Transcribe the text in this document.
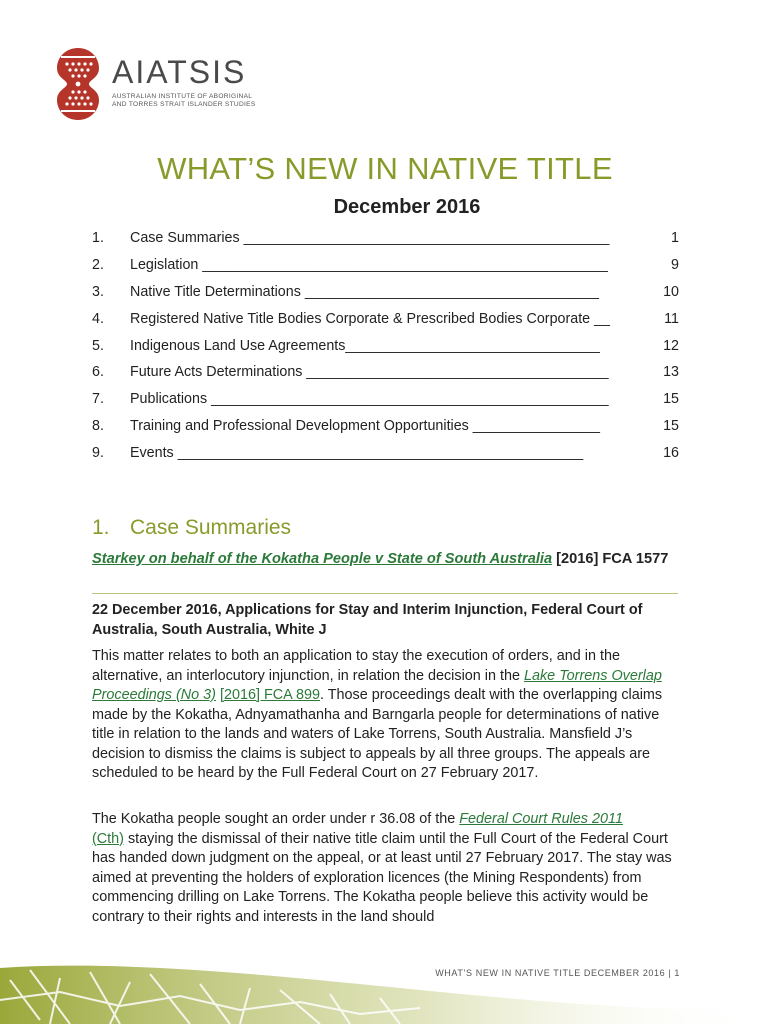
AIATSIS
AUSTRALIAN INSTITUTE OF ABORIGINAL
AND TORRES STRAIT ISLANDER STUDIES
WHAT’S NEW IN NATIVE TITLE
December 2016
1. Case Summaries ______________________________________________	1
2. Legislation ___________________________________________________	9
3. Native Title Determinations _____________________________________	10
4. Registered Native Title Bodies Corporate & Prescribed Bodies Corporate __	11
5. Indigenous Land Use Agreements________________________________	12
6. Future Acts Determinations ______________________________________	13
7. Publications __________________________________________________	15
8. Training and Professional Development Opportunities ________________	15
9. Events ___________________________________________________	16
1. Case Summaries
Starkey on behalf of the Kokatha People v State of South Australia [2016] FCA 1577
22 December 2016, Applications for Stay and Interim Injunction, Federal Court of Australia, South Australia, White J
This matter relates to both an application to stay the execution of orders, and in the alternative, an interlocutory injunction, in relation the decision in the Lake Torrens Overlap Proceedings (No 3) [2016] FCA 899. Those proceedings dealt with the overlapping claims made by the Kokatha, Adnyamathanha and Barngarla people for determinations of native title in relation to the lands and waters of Lake Torrens, South Australia. Mansfield J’s decision to dismiss the claims is subject to appeals by all three groups. The appeals are scheduled to be heard by the Full Federal Court on 27 February 2017.
The Kokatha people sought an order under r 36.08 of the Federal Court Rules 2011
(Cth) staying the dismissal of their native title claim until the Full Court of the Federal Court has handed down judgment on the appeal, or at least until 27 February 2017. The stay was aimed at preventing the holders of exploration licences (the Mining Respondents) from commencing drilling on Lake Torrens. The Kokatha people believe this activity would be contrary to their rights and interests in the land should
WHAT’S NEW IN NATIVE TITLE DECEMBER 2016 | 1
